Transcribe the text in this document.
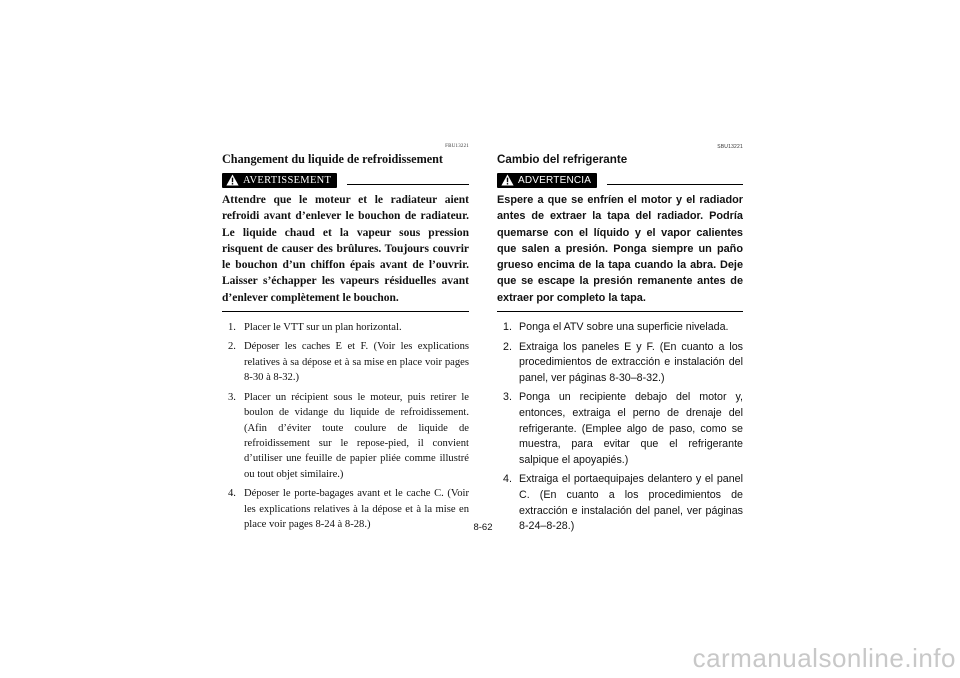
FBU13221
Changement du liquide de refroidissement
AVERTISSEMENT
Attendre que le moteur et le radiateur aient refroidi avant d’enlever le bouchon de radiateur. Le liquide chaud et la vapeur sous pression risquent de causer des brûlures. Toujours couvrir le bouchon d’un chiffon épais avant de l’ouvrir. Laisser s’échapper les vapeurs résiduelles avant d’enlever complètement le bouchon.
1. Placer le VTT sur un plan horizontal.
2. Déposer les caches E et F. (Voir les explications relatives à sa dépose et à sa mise en place voir pages 8-30 à 8-32.)
3. Placer un récipient sous le moteur, puis retirer le boulon de vidange du liquide de refroidissement. (Afin d’éviter toute coulure de liquide de refroidissement sur le repose-pied, il convient d’utiliser une feuille de papier pliée comme illustré ou tout objet similaire.)
4. Déposer le porte-bagages avant et le cache C. (Voir les explications relatives à la dépose et à la mise en place voir pages 8-24 à 8-28.)
SBU13221
Cambio del refrigerante
ADVERTENCIA
Espere a que se enfríen el motor y el radiador antes de extraer la tapa del radiador. Podría quemarse con el líquido y el vapor calientes que salen a presión. Ponga siempre un paño grueso encima de la tapa cuando la abra. Deje que se escape la presión remanente antes de extraer por completo la tapa.
1. Ponga el ATV sobre una superficie nivelada.
2. Extraiga los paneles E y F. (En cuanto a los procedimientos de extracción e instalación del panel, ver páginas 8-30–8-32.)
3. Ponga un recipiente debajo del motor y, entonces, extraiga el perno de drenaje del refrigerante. (Emplee algo de paso, como se muestra, para evitar que el refrigerante salpique el apoyapiés.)
4. Extraiga el portaequipajes delantero y el panel C. (En cuanto a los procedimientos de extracción e instalación del panel, ver páginas 8-24–8-28.)
8-62
carmanualsonline.info
